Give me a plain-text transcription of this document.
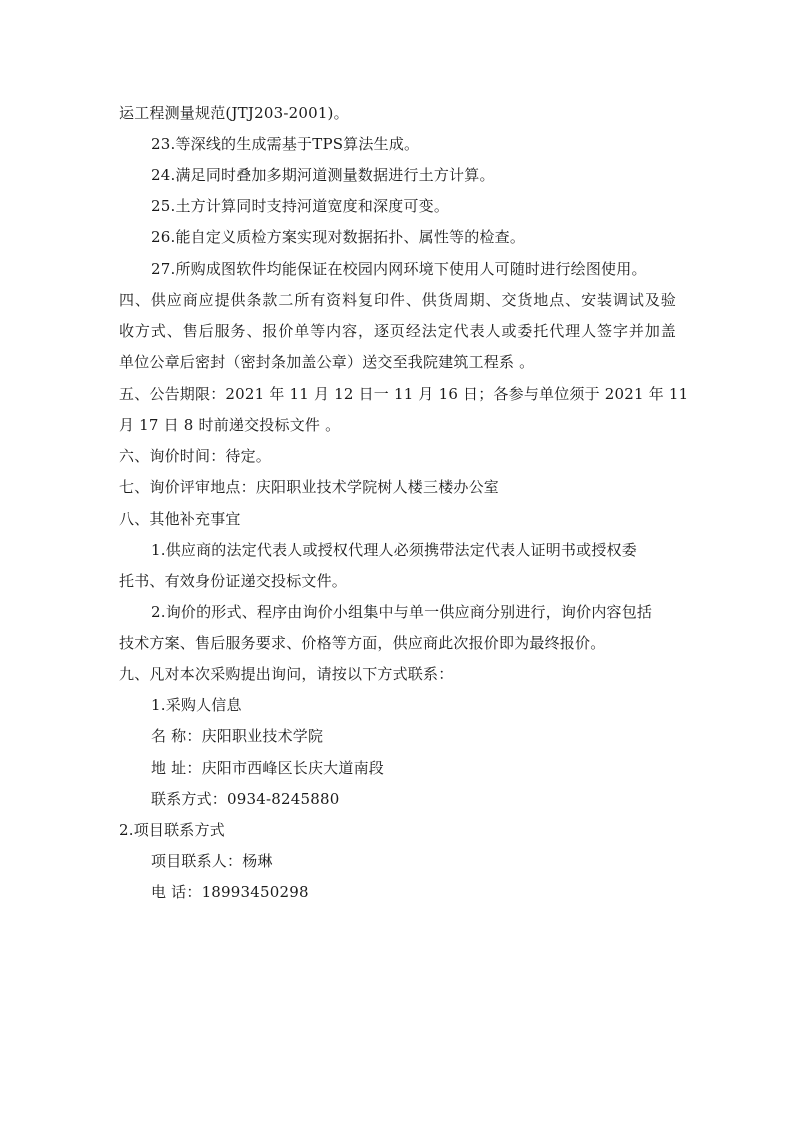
运工程测量规范(JTJ203-2001)。
23.等深线的生成需基于TPS算法生成。
24.满足同时叠加多期河道测量数据进行土方计算。
25.土方计算同时支持河道宽度和深度可变。
26.能自定义质检方案实现对数据拓扑、属性等的检查。
27.所购成图软件均能保证在校园内网环境下使用人可随时进行绘图使用。
四、供应商应提供条款二所有资料复印件、供货周期、交货地点、安装调试及验
收方式、售后服务、报价单等内容，逐页经法定代表人或委托代理人签字并加盖
单位公章后密封（密封条加盖公章）送交至我院建筑工程系 。
五、公告期限：2021 年 11 月 12 日一 11 月 16 日；各参与单位须于 2021 年 11
月 17 日 8 时前递交投标文件 。
六、询价时间：待定。
七、询价评审地点：庆阳职业技术学院树人楼三楼办公室
八、其他补充事宜
1.供应商的法定代表人或授权代理人必须携带法定代表人证明书或授权委
托书、有效身份证递交投标文件。
2.询价的形式、程序由询价小组集中与单一供应商分别进行，询价内容包括
技术方案、售后服务要求、价格等方面，供应商此次报价即为最终报价。
九、凡对本次采购提出询问，请按以下方式联系：
1.采购人信息
名 称：庆阳职业技术学院
地 址：庆阳市西峰区长庆大道南段
联系方式：0934-8245880
2.项目联系方式
项目联系人：杨琳
电 话：18993450298
